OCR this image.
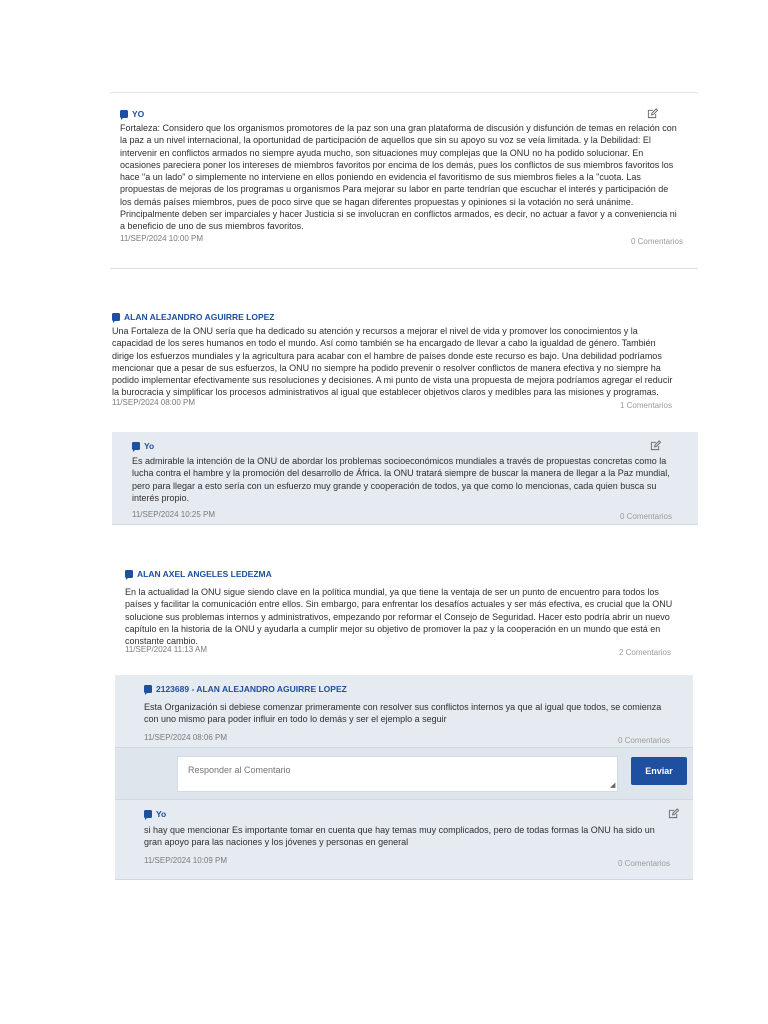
YO

Fortaleza: Considero que los organismos promotores de la paz son una gran plataforma de discusión y disfunción de temas en relación con la paz a un nivel internacional, la oportunidad de participación de aquellos que sin su apoyo su voz se veía limitada. y la Debilidad: El intervenir en conflictos armados no siempre ayuda mucho, son situaciones muy complejas que la ONU no ha podido solucionar. En ocasiones pareciera poner los intereses de miembros favoritos por encima de los demás, pues los conflictos de sus miembros favoritos los hace "a un lado" o simplemente no interviene en ellos poniendo en evidencia el favoritismo de sus miembros fieles a la "cuota. Las propuestas de mejoras de los programas u organismos Para mejorar su labor en parte tendrían que escuchar el interés y participación de los demás países miembros, pues de poco sirve que se hagan diferentes propuestas y opiniones si la votación no será unánime. Principalmente deben ser imparciales y hacer Justicia si se involucran en conflictos armados, es decir, no actuar a favor y a conveniencia ni a beneficio de uno de sus miembros favoritos.

11/SEP/2024 10:00 PM	0 Comentarios
ALAN ALEJANDRO AGUIRRE LOPEZ

Una Fortaleza de la ONU sería que ha dedicado su atención y recursos a mejorar el nivel de vida y promover los conocimientos y la capacidad de los seres humanos en todo el mundo. Así como también se ha encargado de llevar a cabo la igualdad de género. También dirige los esfuerzos mundiales y la agricultura para acabar con el hambre de países donde este recurso es bajo. Una debilidad podríamos mencionar que a pesar de sus esfuerzos, la ONU no siempre ha podido prevenir o resolver conflictos de manera efectiva y no siempre ha podido implementar efectivamente sus resoluciones y decisiones. A mi punto de vista una propuesta de mejora podríamos agregar el reducir la burocracia y simplificar los procesos administrativos al igual que establecer objetivos claros y medibles para las misiones y programas.

11/SEP/2024 08:00 PM	1 Comentarios
Yo

Es admirable la intención de la ONU de abordar los problemas socioeconómicos mundiales a través de propuestas concretas como la lucha contra el hambre y la promoción del desarrollo de África. la ONU tratará siempre de buscar la manera de llegar a la Paz mundial, pero para llegar a esto sería con un esfuerzo muy grande y cooperación de todos, ya que como lo mencionas, cada quien busca su interés propio.

11/SEP/2024 10:25 PM	0 Comentarios
ALAN AXEL ANGELES LEDEZMA

En la actualidad la ONU sigue siendo clave en la política mundial, ya que tiene la ventaja de ser un punto de encuentro para todos los países y facilitar la comunicación entre ellos. Sin embargo, para enfrentar los desafíos actuales y ser más efectiva, es crucial que la ONU solucione sus problemas internos y administrativos, empezando por reformar el Consejo de Seguridad. Hacer esto podría abrir un nuevo capítulo en la historia de la ONU y ayudarla a cumplir mejor su objetivo de promover la paz y la cooperación en un mundo que está en constante cambio.

11/SEP/2024 11:13 AM	2 Comentarios
2123689 - ALAN ALEJANDRO AGUIRRE LOPEZ

Esta Organización si debiese comenzar primeramente con resolver sus conflictos internos ya que al igual que todos, se comienza con uno mismo para poder influir en todo lo demás y ser el ejemplo a seguir

11/SEP/2024 08:06 PM	0 Comentarios
Responder al Comentario
◢
Enviar
Yo

si hay que mencionar Es importante tomar en cuenta que hay temas muy complicados, pero de todas formas la ONU ha sido un gran apoyo para las naciones y los jóvenes y personas en general

11/SEP/2024 10:09 PM	0 Comentarios
